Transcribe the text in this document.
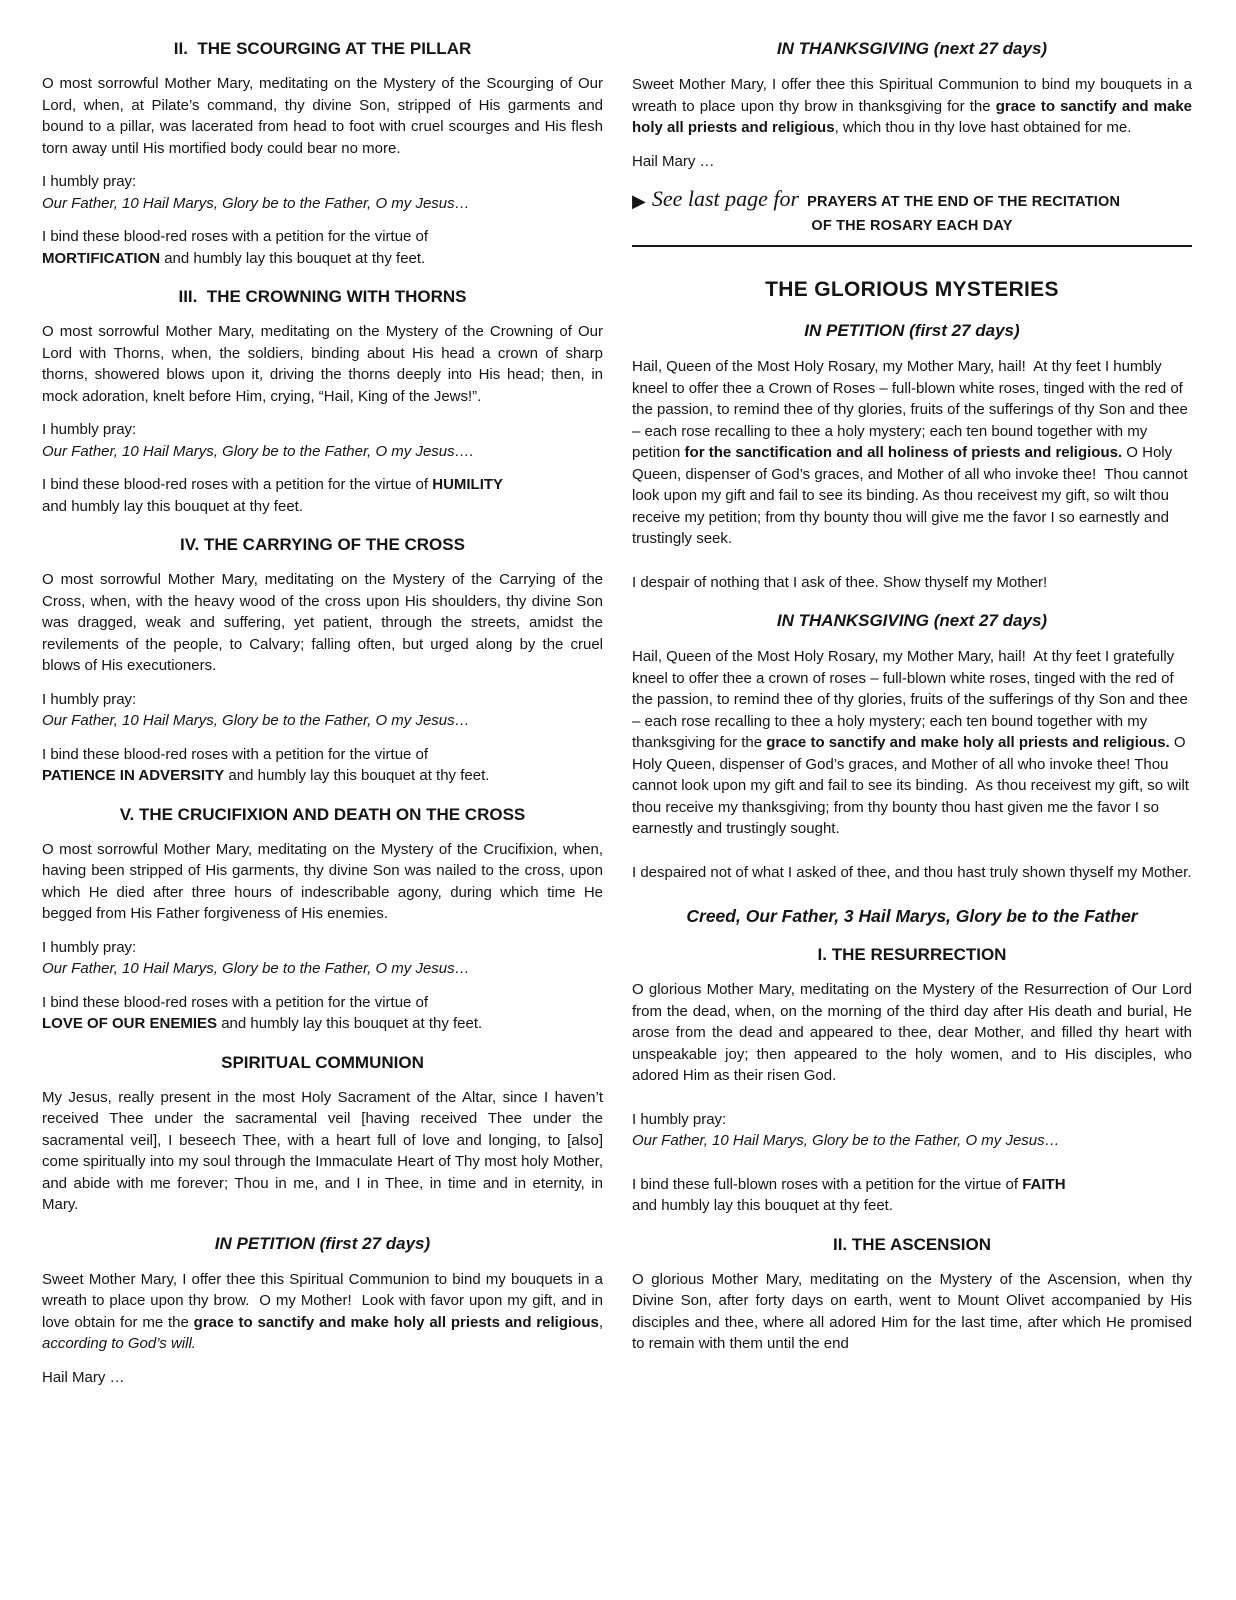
II.  THE SCOURGING AT THE PILLAR
O most sorrowful Mother Mary, meditating on the Mystery of the Scourging of Our Lord, when, at Pilate’s command, thy divine Son, stripped of His garments and bound to a pillar, was lacerated from head to foot with cruel scourges and His flesh torn away until His mortified body could bear no more.
I humbly pray:
Our Father, 10 Hail Marys, Glory be to the Father, O my Jesus…
I bind these blood-red roses with a petition for the virtue of
MORTIFICATION and humbly lay this bouquet at thy feet.
III.  THE CROWNING WITH THORNS
O most sorrowful Mother Mary, meditating on the Mystery of the Crowning of Our Lord with Thorns, when, the soldiers, binding about His head a crown of sharp thorns, showered blows upon it, driving the thorns deeply into His head; then, in mock adoration, knelt before Him, crying, “Hail, King of the Jews!”.
I humbly pray:
Our Father, 10 Hail Marys, Glory be to the Father, O my Jesus….
I bind these blood-red roses with a petition for the virtue of HUMILITY
and humbly lay this bouquet at thy feet.
IV. THE CARRYING OF THE CROSS
O most sorrowful Mother Mary, meditating on the Mystery of the Carrying of the Cross, when, with the heavy wood of the cross upon His shoulders, thy divine Son was dragged, weak and suffering, yet patient, through the streets, amidst the revilements of the people, to Calvary; falling often, but urged along by the cruel blows of His executioners.
I humbly pray:
Our Father, 10 Hail Marys, Glory be to the Father, O my Jesus…
I bind these blood-red roses with a petition for the virtue of
PATIENCE IN ADVERSITY and humbly lay this bouquet at thy feet.
V. THE CRUCIFIXION AND DEATH ON THE CROSS
O most sorrowful Mother Mary, meditating on the Mystery of the Crucifixion, when, having been stripped of His garments, thy divine Son was nailed to the cross, upon which He died after three hours of indescribable agony, during which time He begged from His Father forgiveness of His enemies.
I humbly pray:
Our Father, 10 Hail Marys, Glory be to the Father, O my Jesus…
I bind these blood-red roses with a petition for the virtue of
LOVE OF OUR ENEMIES and humbly lay this bouquet at thy feet.
SPIRITUAL COMMUNION
My Jesus, really present in the most Holy Sacrament of the Altar, since I haven’t received Thee under the sacramental veil [having received Thee under the sacramental veil], I beseech Thee, with a heart full of love and longing, to [also] come spiritually into my soul through the Immaculate Heart of Thy most holy Mother, and abide with me forever; Thou in me, and I in Thee, in time and in eternity, in Mary.
IN PETITION (first 27 days)
Sweet Mother Mary, I offer thee this Spiritual Communion to bind my bouquets in a wreath to place upon thy brow.  O my Mother!  Look with favor upon my gift, and in love obtain for me the grace to sanctify and make holy all priests and religious, according to God’s will.
Hail Mary …
IN THANKSGIVING (next 27 days)
Sweet Mother Mary, I offer thee this Spiritual Communion to bind my bouquets in a wreath to place upon thy brow in thanksgiving for the grace to sanctify and make holy all priests and religious, which thou in thy love hast obtained for me.
Hail Mary …
▶ See last page for PRAYERS AT THE END OF THE RECITATION
OF THE ROSARY EACH DAY
THE GLORIOUS MYSTERIES
IN PETITION (first 27 days)
Hail, Queen of the Most Holy Rosary, my Mother Mary, hail!  At thy feet I humbly kneel to offer thee a Crown of Roses – full-blown white roses, tinged with the red of the passion, to remind thee of thy glories, fruits of the sufferings of thy Son and thee – each rose recalling to thee a holy mystery; each ten bound together with my petition for the sanctification and all holiness of priests and religious. O Holy Queen, dispenser of God’s graces, and Mother of all who invoke thee!  Thou cannot look upon my gift and fail to see its binding. As thou receivest my gift, so wilt thou receive my petition; from thy bounty thou will give me the favor I so earnestly and trustingly seek.
I despair of nothing that I ask of thee. Show thyself my Mother!
IN THANKSGIVING (next 27 days)
Hail, Queen of the Most Holy Rosary, my Mother Mary, hail!  At thy feet I gratefully kneel to offer thee a crown of roses – full-blown white roses, tinged with the red of the passion, to remind thee of thy glories, fruits of the sufferings of thy Son and thee – each rose recalling to thee a holy mystery; each ten bound together with my thanksgiving for the grace to sanctify and make holy all priests and religious. O Holy Queen, dispenser of God’s graces, and Mother of all who invoke thee! Thou cannot look upon my gift and fail to see its binding.  As thou receivest my gift, so wilt thou receive my thanksgiving; from thy bounty thou hast given me the favor I so earnestly and trustingly sought.
I despaired not of what I asked of thee, and thou hast truly shown thyself my Mother.
Creed, Our Father, 3 Hail Marys, Glory be to the Father
I. THE RESURRECTION
O glorious Mother Mary, meditating on the Mystery of the Resurrection of Our Lord from the dead, when, on the morning of the third day after His death and burial, He arose from the dead and appeared to thee, dear Mother, and filled thy heart with unspeakable joy; then appeared to the holy women, and to His disciples, who adored Him as their risen God.
I humbly pray:
Our Father, 10 Hail Marys, Glory be to the Father, O my Jesus…
I bind these full-blown roses with a petition for the virtue of FAITH
and humbly lay this bouquet at thy feet.
II. THE ASCENSION
O glorious Mother Mary, meditating on the Mystery of the Ascension, when thy Divine Son, after forty days on earth, went to Mount Olivet accompanied by His disciples and thee, where all adored Him for the last time, after which He promised to remain with them until the end
